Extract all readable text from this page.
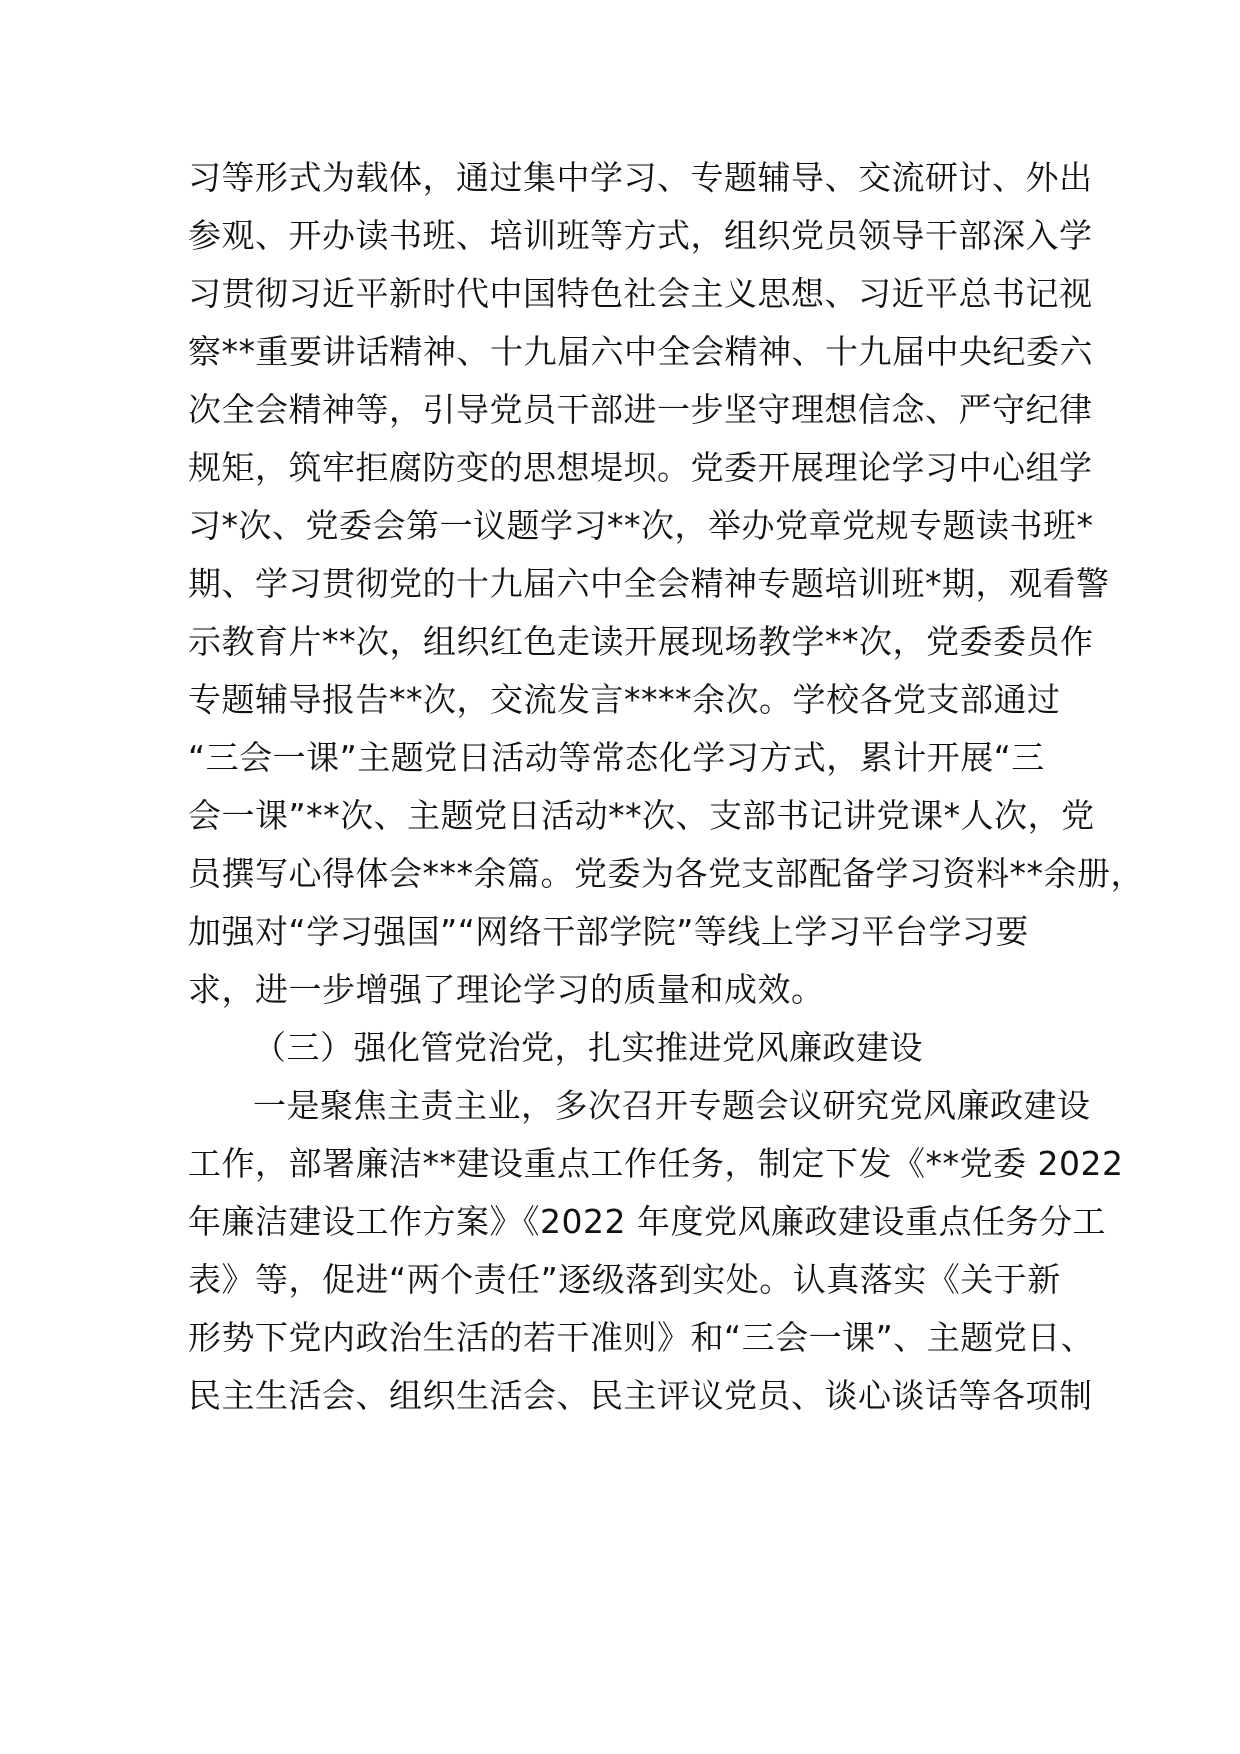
习等形式为载体，通过集中学习、专题辅导、交流研讨、外出
参观、开办读书班、培训班等方式，组织党员领导干部深入学
习贯彻习近平新时代中国特色社会主义思想、习近平总书记视
察**重要讲话精神、十九届六中全会精神、十九届中央纪委六
次全会精神等，引导党员干部进一步坚守理想信念、严守纪律
规矩，筑牢拒腐防变的思想堤坝。党委开展理论学习中心组学
习*次、党委会第一议题学习**次，举办党章党规专题读书班*
期、学习贯彻党的十九届六中全会精神专题培训班*期，观看警
示教育片**次，组织红色走读开展现场教学**次，党委委员作
专题辅导报告**次，交流发言****余次。学校各党支部通过
“三会一课”主题党日活动等常态化学习方式，累计开展“三
会一课”**次、主题党日活动**次、支部书记讲党课*人次，党
员撰写心得体会***余篇。党委为各党支部配备学习资料**余册，
加强对“学习强国”“网络干部学院”等线上学习平台学习要
求，进一步增强了理论学习的质量和成效。
（三）强化管党治党，扎实推进党风廉政建设
一是聚焦主责主业，多次召开专题会议研究党风廉政建设
工作，部署廉洁**建设重点工作任务，制定下发《**党委 2022
年廉洁建设工作方案》《2022 年度党风廉政建设重点任务分工
表》等，促进“两个责任”逐级落到实处。认真落实《关于新
形势下党内政治生活的若干准则》和“三会一课”、主题党日、
民主生活会、组织生活会、民主评议党员、谈心谈话等各项制
